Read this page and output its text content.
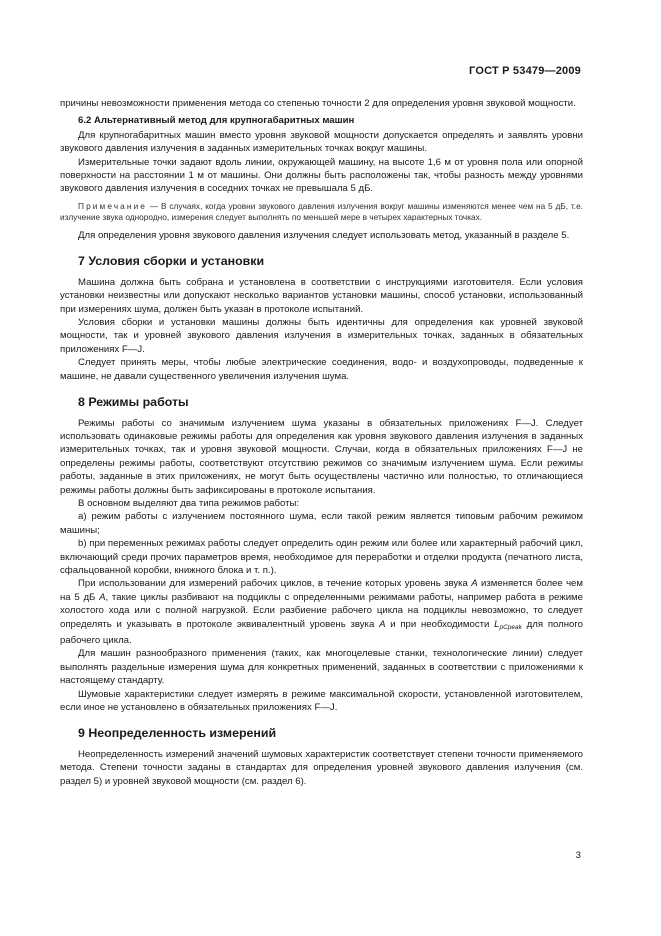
ГОСТ Р 53479—2009

причины невозможности применения метода со степенью точности 2 для определения уровня звуковой мощности.

6.2 Альтернативный метод для крупногабаритных машин

Для крупногабаритных машин вместо уровня звуковой мощности допускается определять и заявлять уровни звукового давления излучения в заданных измерительных точках вокруг машины.

Измерительные точки задают вдоль линии, окружающей машину, на высоте 1,6 м от уровня пола или опорной поверхности на расстоянии 1 м от машины. Они должны быть расположены так, чтобы разность между уровнями звукового давления излучения в соседних точках не превышала 5 дБ.

Примечание — В случаях, когда уровни звукового давления излучения вокруг машины изменяются менее чем на 5 дБ, т.е. излучение звука однородно, измерения следует выполнять по меньшей мере в четырех характерных точках.

Для определения уровня звукового давления излучения следует использовать метод, указанный в разделе 5.

7 Условия сборки и установки

Машина должна быть собрана и установлена в соответствии с инструкциями изготовителя. Если условия установки неизвестны или допускают несколько вариантов установки машины, способ установки, использованный при измерениях шума, должен быть указан в протоколе испытаний.

Условия сборки и установки машины должны быть идентичны для определения как уровней звуковой мощности, так и уровней звукового давления излучения в измерительных точках, заданных в обязательных приложениях F—J.

Следует принять меры, чтобы любые электрические соединения, водо- и воздухопроводы, подведенные к машине, не давали существенного увеличения излучения шума.

8 Режимы работы

Режимы работы со значимым излучением шума указаны в обязательных приложениях F—J. Следует использовать одинаковые режимы работы для определения как уровня звукового давления излучения в заданных измерительных точках, так и уровня звуковой мощности. Случаи, когда в обязательных приложениях F—J не определены режимы работы, соответствуют отсутствию режимов со значимым излучением шума. Если режимы работы, заданные в этих приложениях, не могут быть осуществлены частично или полностью, то отличающиеся режимы работы должны быть зафиксированы в протоколе испытания.

В основном выделяют два типа режимов работы:

а) режим работы с излучением постоянного шума, если такой режим является типовым рабочим режимом машины;

b) при переменных режимах работы следует определить один режим или более или характерный рабочий цикл, включающий среди прочих параметров время, необходимое для переработки и отделки продукта (печатного листа, сфальцованной коробки, книжного блока и т. п.).

При использовании для измерений рабочих циклов, в течение которых уровень звука A изменяется более чем на 5 дБ A, такие циклы разбивают на подциклы с определенными режимами работы, например работа в режиме холостого хода или с полной нагрузкой. Если разбиение рабочего цикла на подциклы невозможно, то следует определять и указывать в протоколе эквивалентный уровень звука A и при необходимости $L_{pCpeak}$ для полного рабочего цикла.

Для машин разнообразного применения (таких, как многоцелевые станки, технологические линии) следует выполнять раздельные измерения шума для конкретных применений, заданных в соответствии с приложениями к настоящему стандарту.

Шумовые характеристики следует измерять в режиме максимальной скорости, установленной изготовителем, если иное не установлено в обязательных приложениях F—J.

9 Неопределенность измерений

Неопределенность измерений значений шумовых характеристик соответствует степени точности применяемого метода. Степени точности заданы в стандартах для определения уровней звукового давления излучения (см. раздел 5) и уровней звуковой мощности (см. раздел 6).

3
